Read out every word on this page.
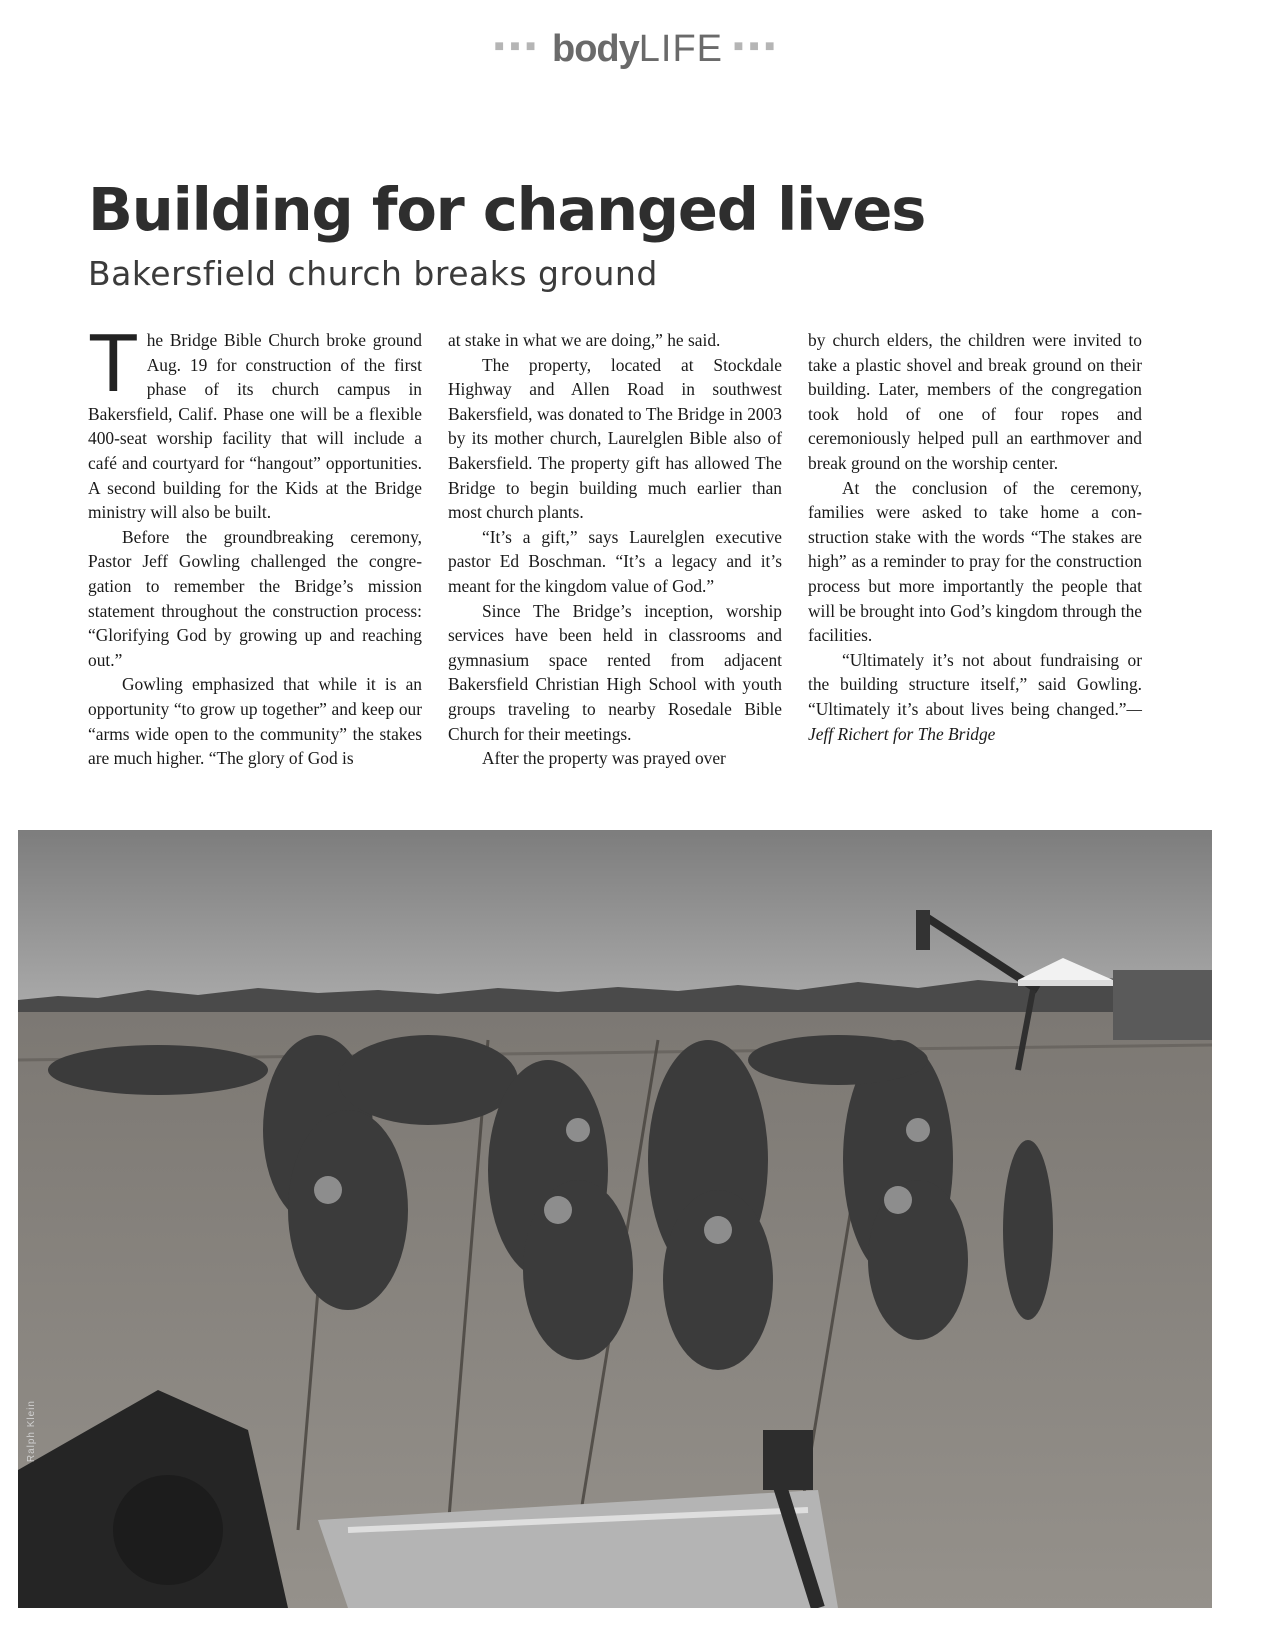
■■■ bodyLIFE ■■■
Building for changed lives
Bakersfield church breaks ground

The Bridge Bible Church broke ground Aug. 19 for construction of the first phase of its church campus in Bakersfield, Calif. Phase one will be a flexible 400-seat worship facility that will include a café and courtyard for “hangout” opportunities. A second building for the Kids at the Bridge ministry will also be built.

Before the groundbreaking ceremony, Pastor Jeff Gowling challenged the congregation to remember the Bridge’s mission statement throughout the construction process: “Glorifying God by growing up and reaching out.”

Gowling emphasized that while it is an opportunity “to grow up together” and keep our “arms wide open to the community” the stakes are much higher. “The glory of God is

at stake in what we are doing,” he said.

The property, located at Stockdale Highway and Allen Road in southwest Bakersfield, was donated to The Bridge in 2003 by its mother church, Laurelglen Bible also of Bakersfield. The property gift has allowed The Bridge to begin building much earlier than most church plants.

“It’s a gift,” says Laurelglen executive pastor Ed Boschman. “It’s a legacy and it’s meant for the kingdom value of God.”

Since The Bridge’s inception, worship services have been held in classrooms and gymnasium space rented from adjacent Bakersfield Christian High School with youth groups traveling to nearby Rosedale Bible Church for their meetings.

After the property was prayed over

by church elders, the children were invited to take a plastic shovel and break ground on their building. Later, members of the congregation took hold of one of four ropes and ceremoniously helped pull an earthmover and break ground on the worship center.

At the conclusion of the ceremony, families were asked to take home a construction stake with the words “The stakes are high” as a reminder to pray for the construction process but more importantly the people that will be brought into God’s kingdom through the facilities.

“Ultimately it’s not about fundraising or the building structure itself,” said Gowling. “Ultimately it’s about lives being changed.”—Jeff Richert for The Bridge

Ralph Klein
